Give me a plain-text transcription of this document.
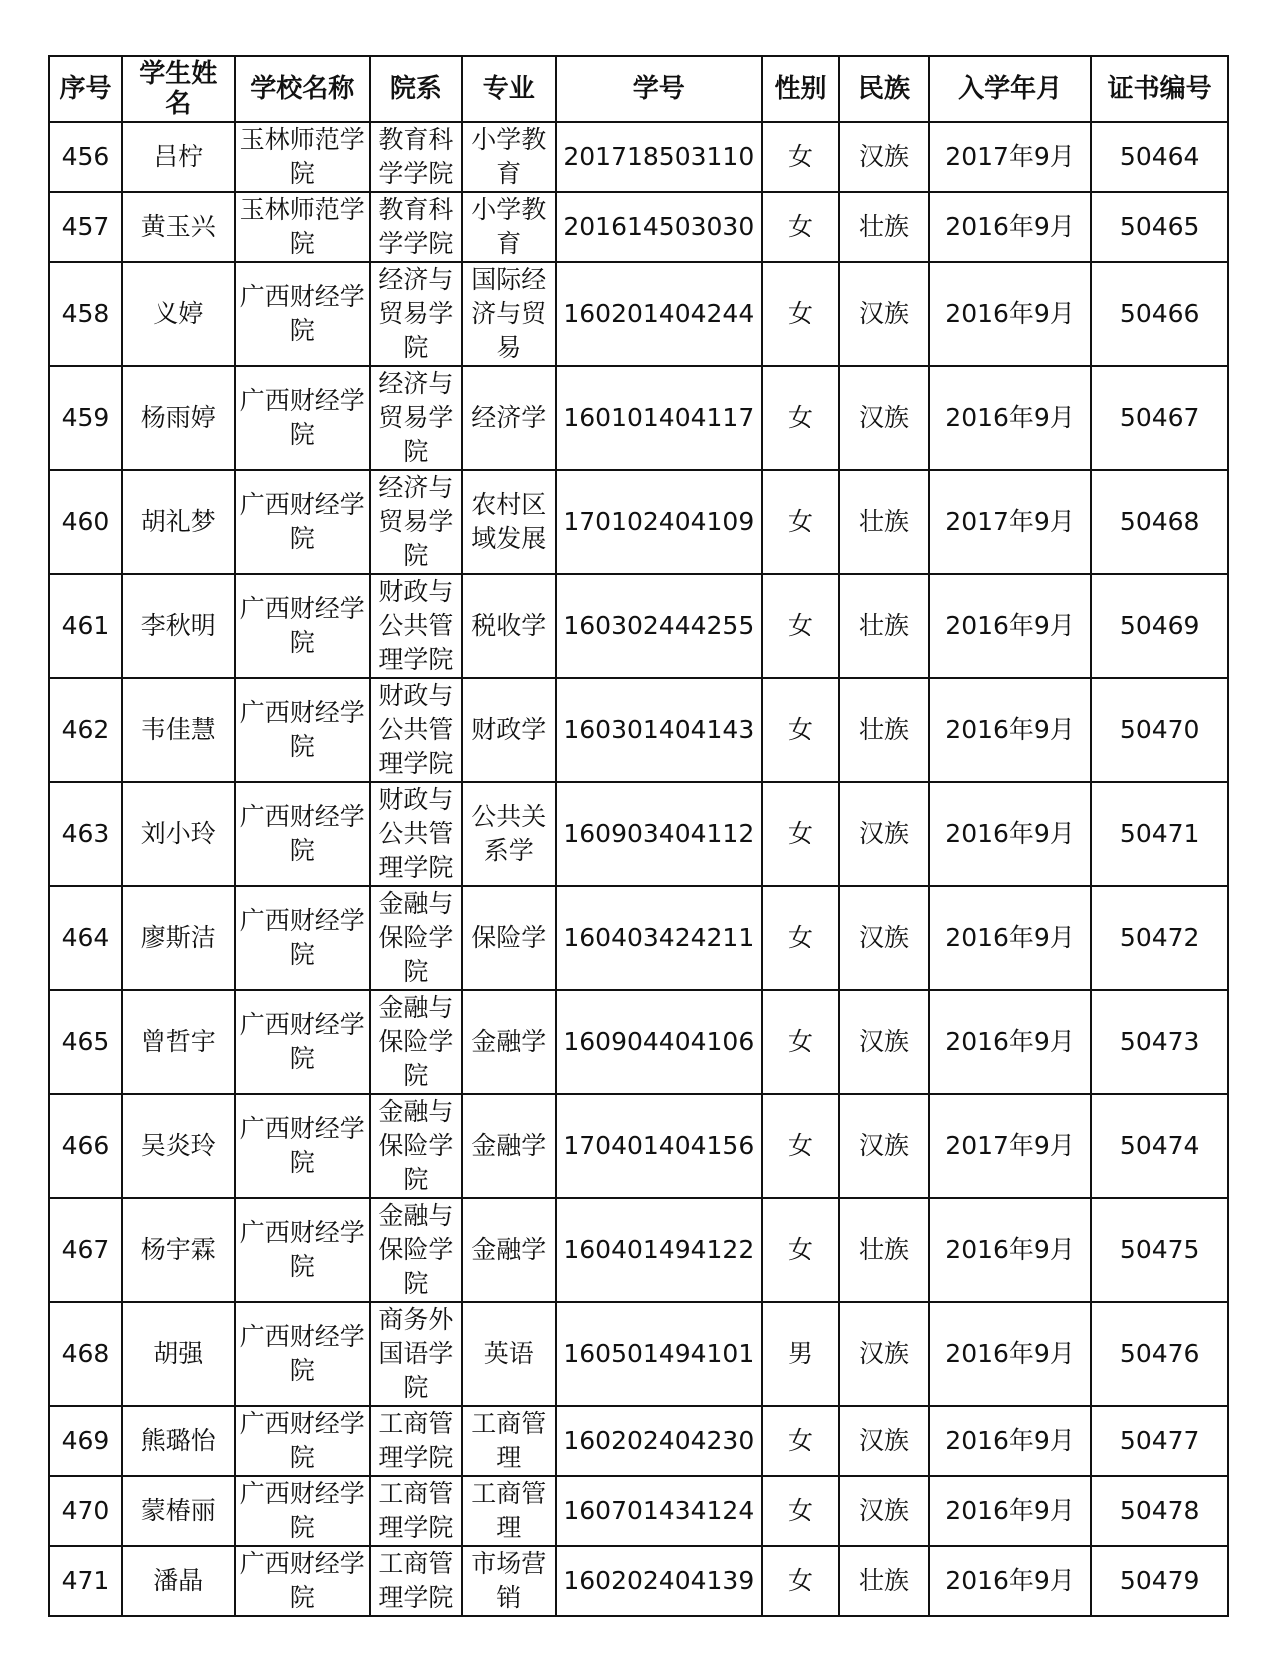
序号	学生姓名	学校名称	院系	专业	学号	性别	民族	入学年月	证书编号
456	吕柠	玉林师范学院	教育科学学院	小学教育	201718503110	女	汉族	2017年9月	50464
457	黄玉兴	玉林师范学院	教育科学学院	小学教育	201614503030	女	壮族	2016年9月	50465
458	义婷	广西财经学院	经济与贸易学院	国际经济与贸易	160201404244	女	汉族	2016年9月	50466
459	杨雨婷	广西财经学院	经济与贸易学院	经济学	160101404117	女	汉族	2016年9月	50467
460	胡礼梦	广西财经学院	经济与贸易学院	农村区域发展	170102404109	女	壮族	2017年9月	50468
461	李秋明	广西财经学院	财政与公共管理学院	税收学	160302444255	女	壮族	2016年9月	50469
462	韦佳慧	广西财经学院	财政与公共管理学院	财政学	160301404143	女	壮族	2016年9月	50470
463	刘小玲	广西财经学院	财政与公共管理学院	公共关系学	160903404112	女	汉族	2016年9月	50471
464	廖斯洁	广西财经学院	金融与保险学院	保险学	160403424211	女	汉族	2016年9月	50472
465	曾哲宇	广西财经学院	金融与保险学院	金融学	160904404106	女	汉族	2016年9月	50473
466	吴炎玲	广西财经学院	金融与保险学院	金融学	170401404156	女	汉族	2017年9月	50474
467	杨宇霖	广西财经学院	金融与保险学院	金融学	160401494122	女	壮族	2016年9月	50475
468	胡强	广西财经学院	商务外国语学院	英语	160501494101	男	汉族	2016年9月	50476
469	熊璐怡	广西财经学院	工商管理学院	工商管理	160202404230	女	汉族	2016年9月	50477
470	蒙椿丽	广西财经学院	工商管理学院	工商管理	160701434124	女	汉族	2016年9月	50478
471	潘晶	广西财经学院	工商管理学院	市场营销	160202404139	女	壮族	2016年9月	50479
